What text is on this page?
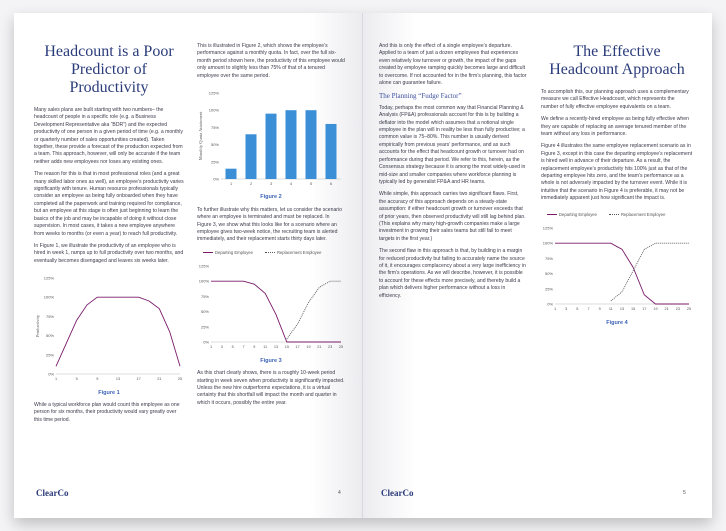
Headcount is a Poor Predictor of Productivity

Many sales plans are built starting with two numbers– the headcount of people in a specific role (e.g. a Business Development Representative aka “BDR”) and the expected productivity of one person in a given period of time (e.g. a monthly or quarterly number of sales opportunities created). Taken together, these provide a forecast of the production expected from a team. This approach, however, will only be accurate if the team neither adds new employees nor loses any existing ones.

The reason for this is that in most professional roles (and a great many skilled labor ones as well), an employee’s productivity varies significantly with tenure. Human resource professionals typically consider an employee as being fully onboarded when they have completed all the paperwork and training required for compliance, but an employee at this stage is often just beginning to learn the basics of the job and may be incapable of doing it without close supervision. In most cases, it takes a new employee anywhere from weeks to months (or even a year) to reach full productivity.

In Figure 1, we illustrate the productivity of an employee who is hired in week 1, ramps up to full productivity over two months, and eventually becomes disengaged and leaves six weeks later.

0%
25%
50%
75%
100%
125%
Productivity
1	5	9	13	17	21	25
Figure 1

While a typical workforce plan would count this employee as one person for six months, their productivity would vary greatly over this time period.

This is illustrated in Figure 2, which shows the employee’s performance against a monthly quota. In fact, over the full six-month period shown here, the productivity of this employee would only amount to slightly less than 75% of that of a tenured employee over the same period.

0%
25%
50%
75%
100%
125%
Monthly Quota Attainment
1	2	3	4	5	6
Figure 2

To further illustrate why this matters, let us consider the scenario where an employee is terminated and must be replaced. In Figure 3, we show what this looks like for a scenario where an employee gives two-week notice, the recruiting team is alerted immediately, and their replacement starts thirty days later.

Departing Employee	Replacement Employee
0%
25%
50%
75%
100%
125%
1 3 5 7 9 11 13 15 17 19 21 23 25
Figure 3

As this chart clearly shows, there is a roughly 10-week period starting in week seven when productivity is significantly impacted. Unless the new hire outperforms expectations, it is a virtual certainty that this shortfall will impact the month and quarter in which it occurs, possibly the entire year.

ClearCo	4

And this is only the effect of a single employee’s departure. Applied to a team of just a dozen employees that experiences even relatively low turnover or growth, the impact of the gaps created by employee ramping quickly becomes large and difficult to overcome. If not accounted for in the firm’s planning, this factor alone can guarantee failure.

The Planning “Fudge Factor”

Today, perhaps the most common way that Financial Planning & Analysis (FP&A) professionals account for this is by building a deflator into the model which assumes that a notional single employee in the plan will in reality be less than fully productive; a common value is 75–80%. This number is usually derived empirically from previous years’ performance, and as such accounts for the effect that headcount growth or turnover had on performance during that period. We refer to this, herein, as the Consensus strategy because it is among the most widely-used in mid-size and smaller companies where workforce planning is typically led by generalist FP&A and HR teams.

While simple, this approach carries two significant flaws. First, the accuracy of this approach depends on a steady-state assumption: if either headcount growth or turnover exceeds that of prior years, then observed productivity will still lag behind plan. (This explains why many high-growth companies make a large investment in growing their sales teams but still fail to meet targets in the first year.)

The second flaw in this approach is that, by building in a margin for reduced productivity but failing to accurately name the source of it, it encourages complacency about a very large inefficiency in the firm’s operations. As we will describe, however, it is possible to account for these effects more precisely, and thereby build a plan which delivers higher performance without a loss in efficiency.

The Effective Headcount Approach

To accomplish this, our planning approach uses a complementary measure we call Effective Headcount, which represents the number of fully effective employee equivalents on a team.

We define a recently-hired employee as being fully effective when they are capable of replacing an average tenured member of the team without any loss in performance.

Figure 4 illustrates the same employee replacement scenario as in Figure 3, except in this case the departing employee’s replacement is hired well in advance of their departure. As a result, the replacement employee’s productivity hits 100% just as that of the departing employee hits zero, and the team’s performance as a whole is not adversely impacted by the turnover event. While it is intuitive that the scenario in Figure 4 is preferable, it may not be immediately apparent just how significant the impact is.

Departing Employee	Replacement Employee
0%
25%
50%
75%
100%
125%
1 3 5 7 9 11 13 15 17 19 21 23 25
Figure 4
ClearCo	5
